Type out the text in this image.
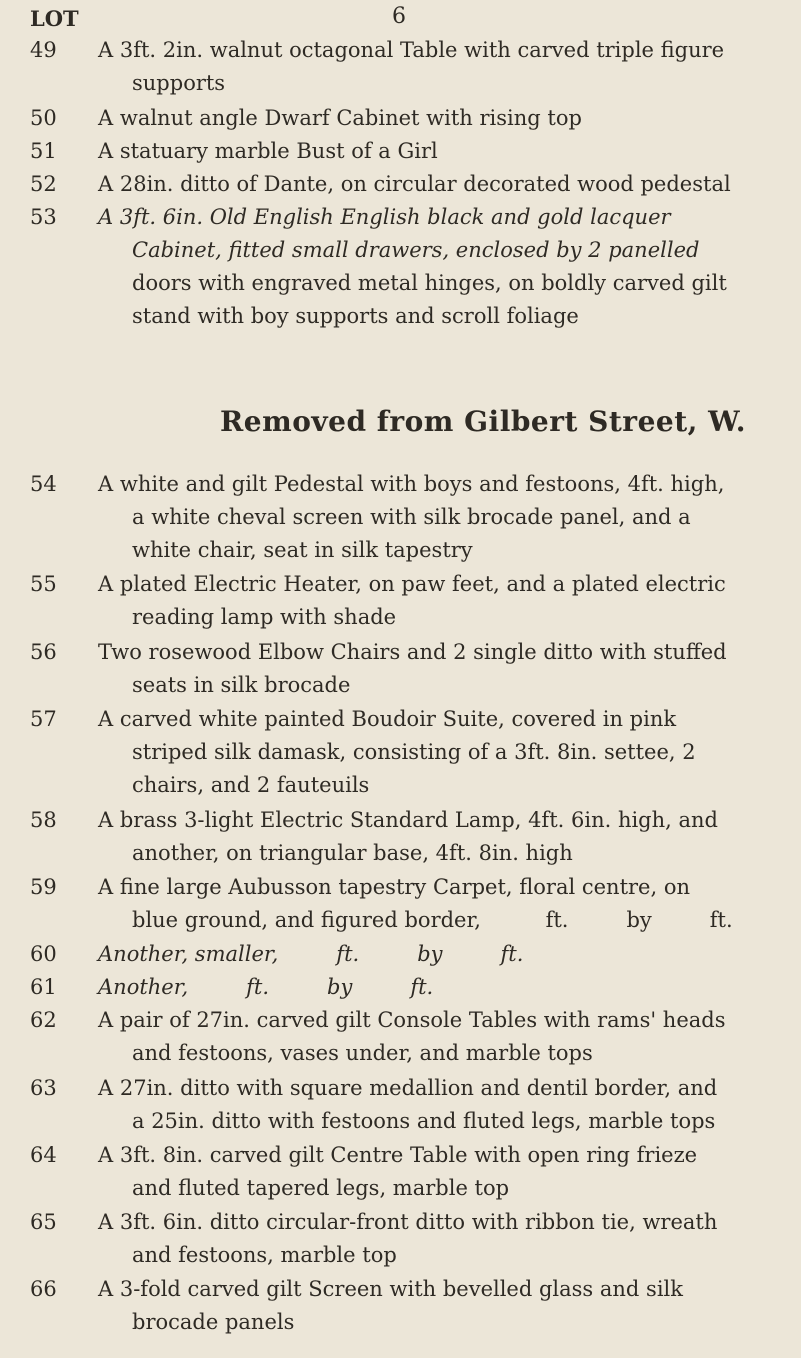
6
LOT
49	A 3ft. 2in. walnut octagonal Table with carved triple figure
supports
50	A walnut angle Dwarf Cabinet with rising top
51	A statuary marble Bust of a Girl
52	A 28in. ditto of Dante, on circular decorated wood pedestal
53	A 3ft. 6in. Old English English black and gold lacquer
Cabinet, fitted small drawers, enclosed by 2 panelled
doors with engraved metal hinges, on boldly carved gilt
stand with boy supports and scroll foliage
Removed from Gilbert Street, W.
54	A white and gilt Pedestal with boys and festoons, 4ft. high,
a white cheval screen with silk brocade panel, and a
white chair, seat in silk tapestry
55	A plated Electric Heater, on paw feet, and a plated electric
reading lamp with shade
56	Two rosewood Elbow Chairs and 2 single ditto with stuffed
seats in silk brocade
57	A carved white painted Boudoir Suite, covered in pink
striped silk damask, consisting of a 3ft. 8in. settee, 2
chairs, and 2 fauteuils
58	A brass 3-light Electric Standard Lamp, 4ft. 6in. high, and
another, on triangular base, 4ft. 8in. high
59	A fine large Aubusson tapestry Carpet, floral centre, on
blue ground, and figured border,	ft.	by	ft.
60	Another, smaller,	ft.	by	ft.
61	Another,	ft.	by	ft.
62	A pair of 27in. carved gilt Console Tables with rams' heads
and festoons, vases under, and marble tops
63	A 27in. ditto with square medallion and dentil border, and
a 25in. ditto with festoons and fluted legs, marble tops
64	A 3ft. 8in. carved gilt Centre Table with open ring frieze
and fluted tapered legs, marble top
65	A 3ft. 6in. ditto circular-front ditto with ribbon tie, wreath
and festoons, marble top
66	A 3-fold carved gilt Screen with bevelled glass and silk
brocade panels
